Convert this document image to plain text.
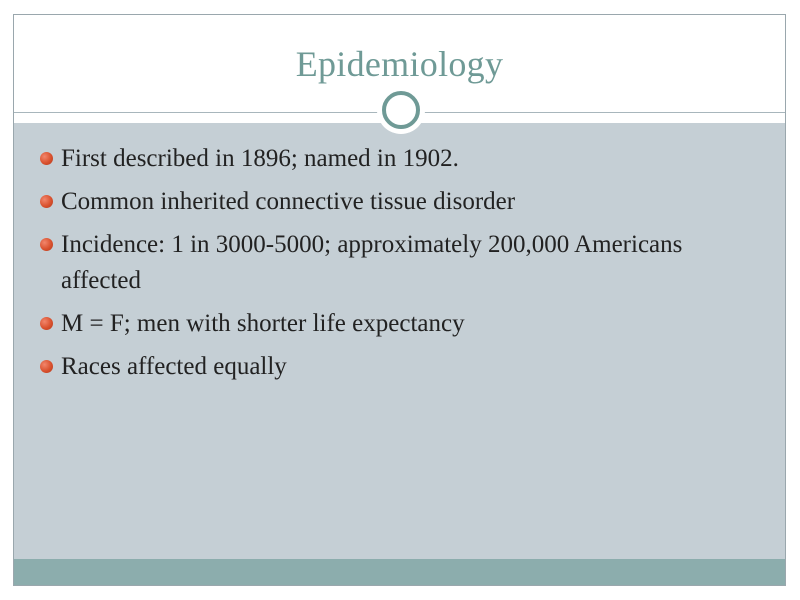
Epidemiology
First described in 1896; named in 1902.
Common inherited connective tissue disorder
Incidence: 1 in 3000-5000; approximately 200,000 Americans affected
M = F; men with shorter life expectancy
Races affected equally
